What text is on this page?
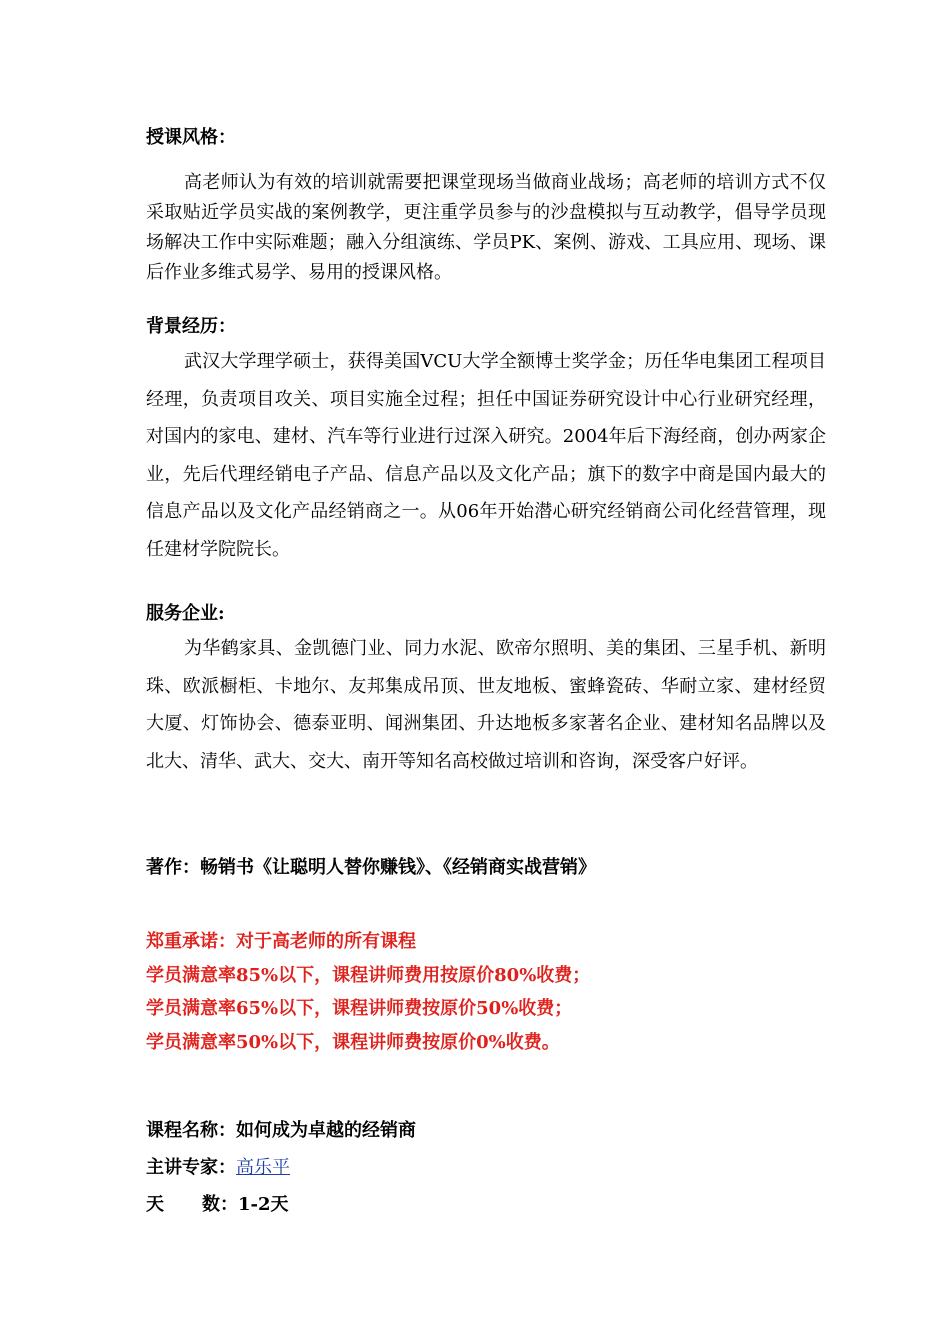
授课风格：

高老师认为有效的培训就需要把课堂现场当做商业战场；高老师的培训方式不仅采取贴近学员实战的案例教学，更注重学员参与的沙盘模拟与互动教学，倡导学员现场解决工作中实际难题；融入分组演练、学员PK、案例、游戏、工具应用、现场、课后作业多维式易学、易用的授课风格。

背景经历：

武汉大学理学硕士，获得美国VCU大学全额博士奖学金；历任华电集团工程项目经理，负责项目攻关、项目实施全过程；担任中国证券研究设计中心行业研究经理，对国内的家电、建材、汽车等行业进行过深入研究。2004年后下海经商，创办两家企业，先后代理经销电子产品、信息产品以及文化产品；旗下的数字中商是国内最大的信息产品以及文化产品经销商之一。从06年开始潜心研究经销商公司化经营管理，现任建材学院院长。

服务企业:

为华鹤家具、金凯德门业、同力水泥、欧帝尔照明、美的集团、三星手机、新明珠、欧派橱柜、卡地尔、友邦集成吊顶、世友地板、蜜蜂瓷砖、华耐立家、建材经贸大厦、灯饰协会、德泰亚明、闻洲集团、升达地板多家著名企业、建材知名品牌以及北大、清华、武大、交大、南开等知名高校做过培训和咨询，深受客户好评。

著作：畅销书《让聪明人替你赚钱》、《经销商实战营销》

郑重承诺：对于高老师的所有课程

学员满意率85%以下，课程讲师费用按原价80%收费；

学员满意率65%以下，课程讲师费按原价50%收费；

学员满意率50%以下，课程讲师费按原价0%收费。

课程名称：如何成为卓越的经销商

主讲专家：高乐平

天 数：1-2天
